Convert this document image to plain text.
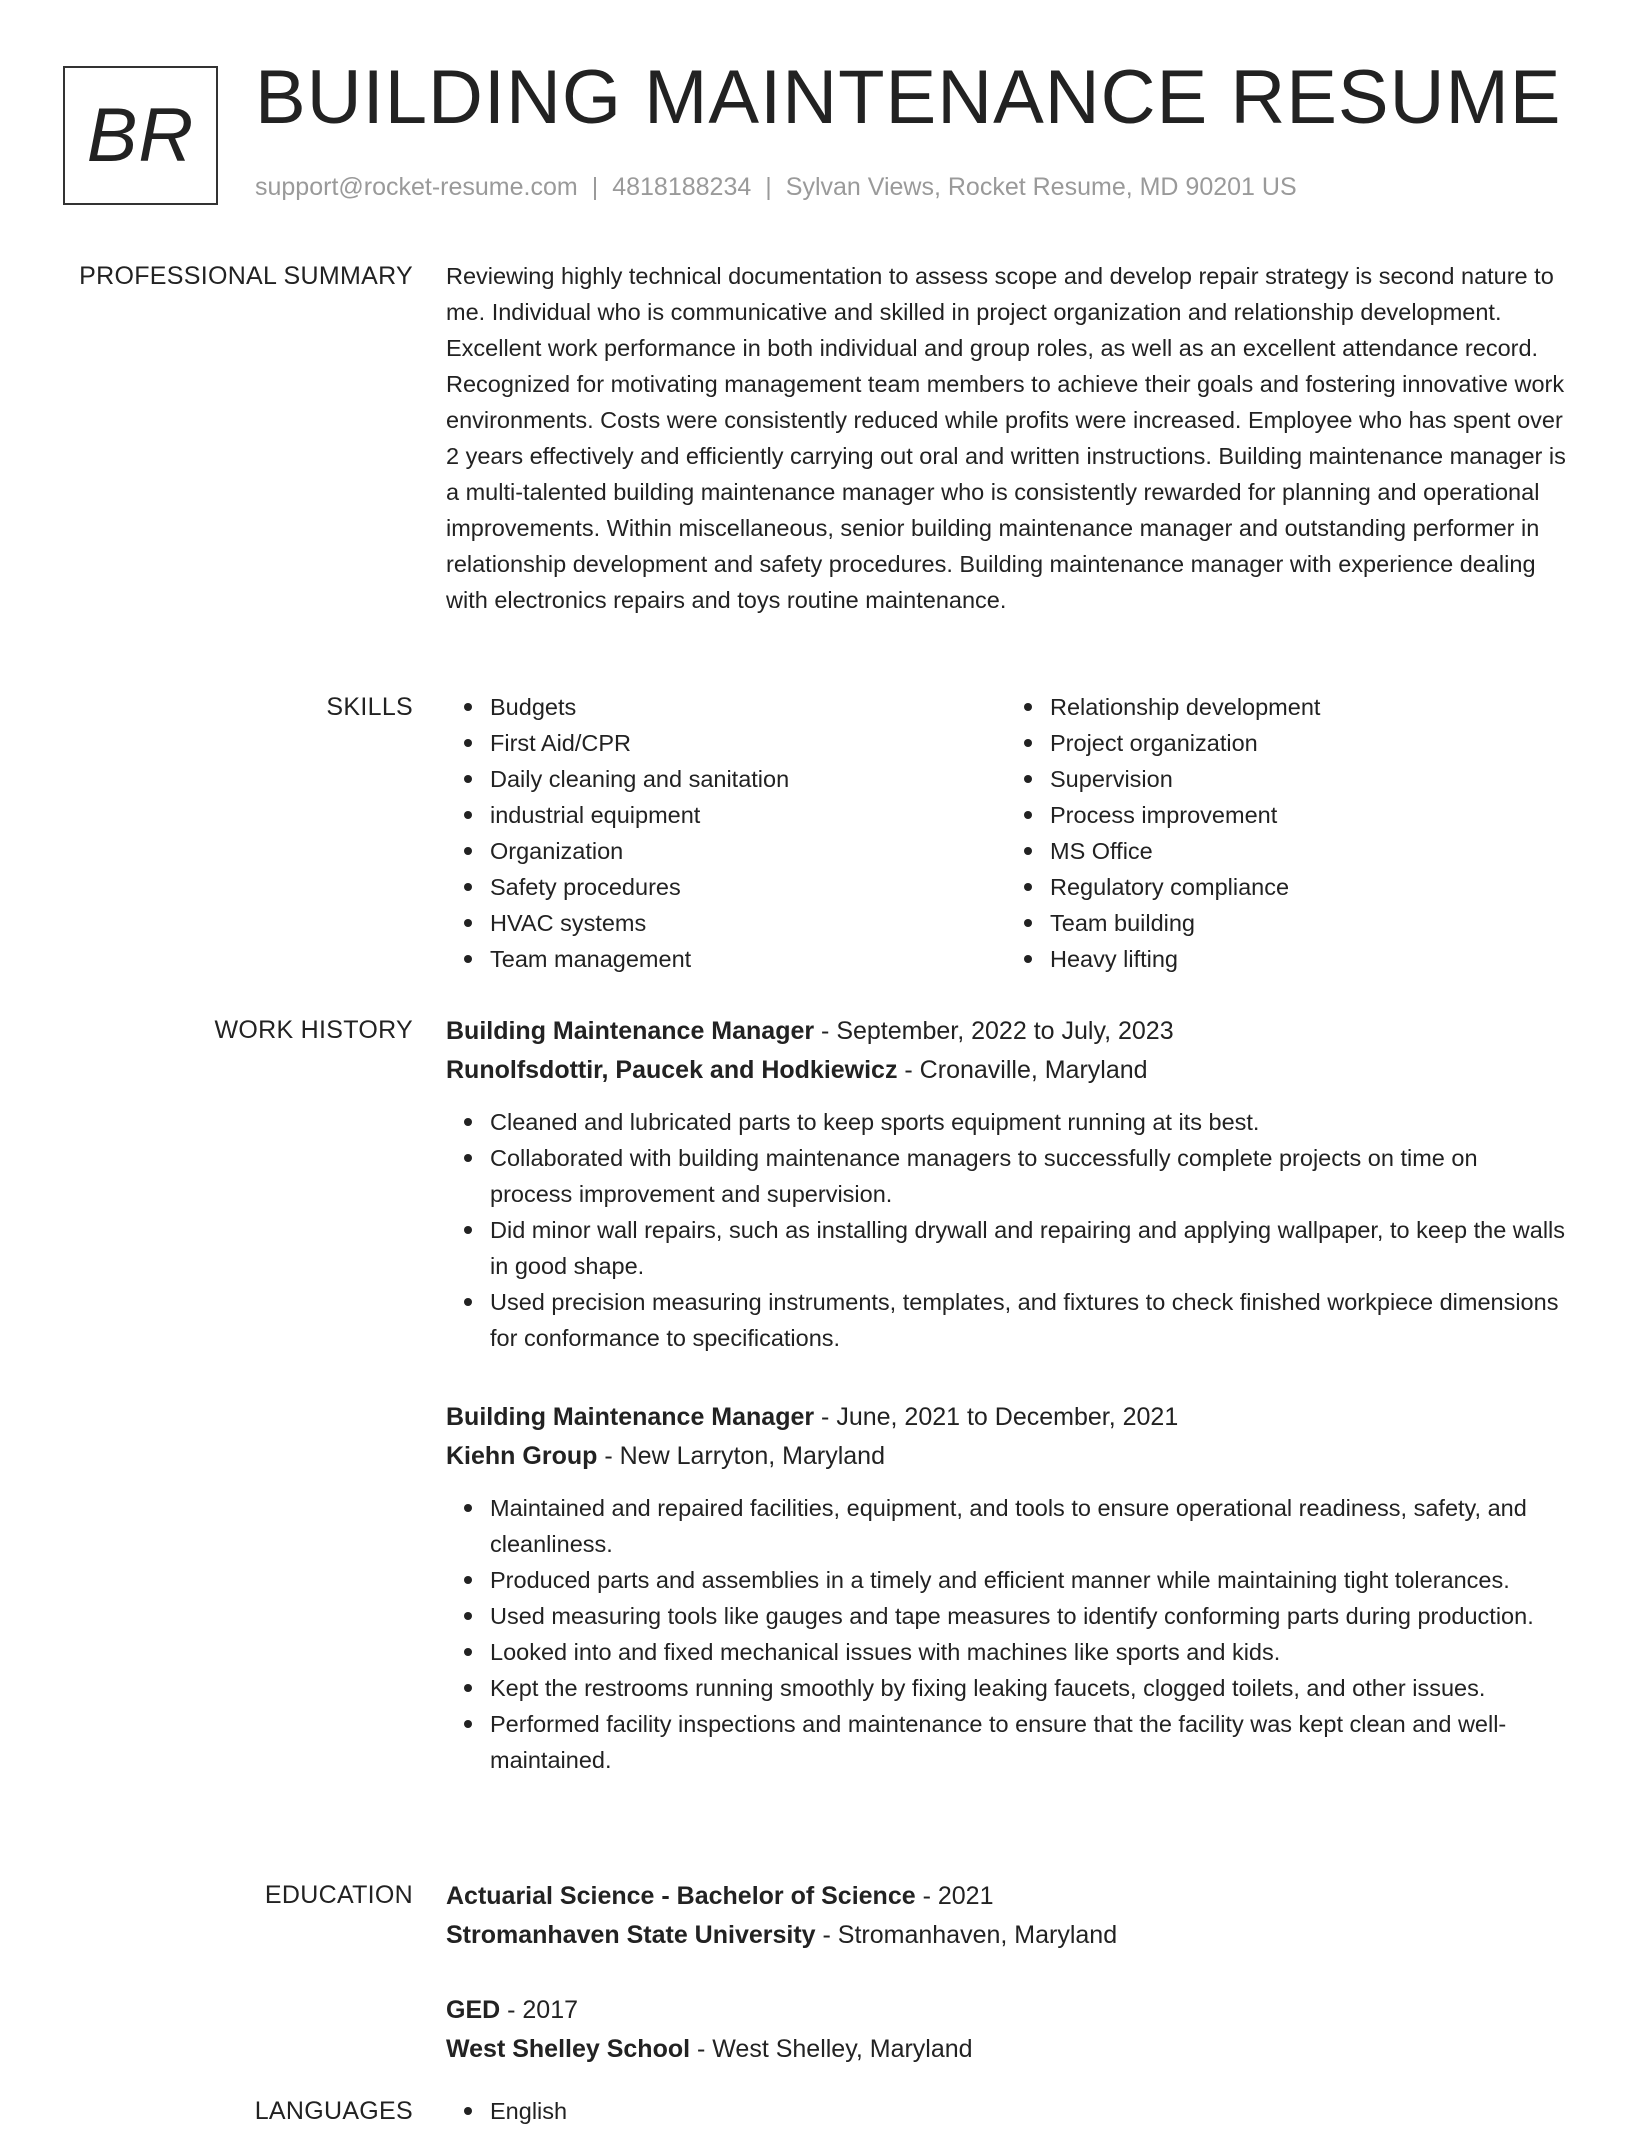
BR BUILDING MAINTENANCE RESUME
support@rocket-resume.com | 4818188234 | Sylvan Views, Rocket Resume, MD 90201 US
PROFESSIONAL SUMMARY Reviewing highly technical documentation to assess scope and develop repair strategy is second nature to me. Individual who is communicative and skilled in project organization and relationship development. Excellent work performance in both individual and group roles, as well as an excellent attendance record. Recognized for motivating management team members to achieve their goals and fostering innovative work environments. Costs were consistently reduced while profits were increased. Employee who has spent over 2 years effectively and efficiently carrying out oral and written instructions. Building maintenance manager is a multi-talented building maintenance manager who is consistently rewarded for planning and operational improvements. Within miscellaneous, senior building maintenance manager and outstanding performer in relationship development and safety procedures. Building maintenance manager with experience dealing with electronics repairs and toys routine maintenance.

SKILLS	Budgets
First Aid/CPR
Daily cleaning and sanitation
industrial equipment
Organization
Safety procedures
HVAC systems
Team management
Relationship development
Project organization
Supervision
Process improvement
MS Office
Regulatory compliance
Team building
Heavy lifting
WORK HISTORY Building Maintenance Manager - September, 2022 to July, 2023
Runolfsdottir, Paucek and Hodkiewicz - Cronaville, Maryland
Cleaned and lubricated parts to keep sports equipment running at its best.
Collaborated with building maintenance managers to successfully complete projects on time on process improvement and supervision.
Did minor wall repairs, such as installing drywall and repairing and applying wallpaper, to keep the walls in good shape.
Used precision measuring instruments, templates, and fixtures to check finished workpiece dimensions for conformance to specifications.
Building Maintenance Manager - June, 2021 to December, 2021
Kiehn Group - New Larryton, Maryland
Maintained and repaired facilities, equipment, and tools to ensure operational readiness, safety, and cleanliness.
Produced parts and assemblies in a timely and efficient manner while maintaining tight tolerances.
Used measuring tools like gauges and tape measures to identify conforming parts during production.
Looked into and fixed mechanical issues with machines like sports and kids.
Kept the restrooms running smoothly by fixing leaking faucets, clogged toilets, and other issues.
Performed facility inspections and maintenance to ensure that the facility was kept clean and well-maintained.
EDUCATION Actuarial Science - Bachelor of Science - 2021
Stromanhaven State University - Stromanhaven, Maryland
GED - 2017
West Shelley School - West Shelley, Maryland
LANGUAGES	English
